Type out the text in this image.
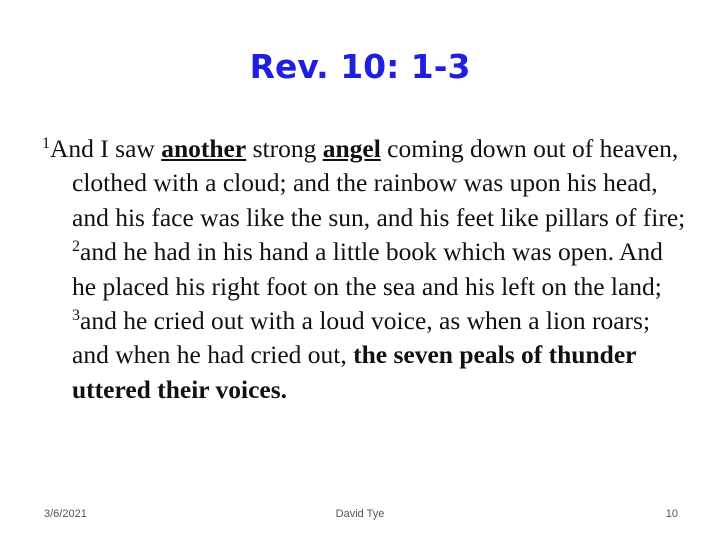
Rev. 10: 1-3

$^1$And I saw another strong angel coming down out of heaven, clothed with a cloud; and the rainbow was upon his head, and his face was like the sun, and his feet like pillars of fire; $^2$and he had in his hand a little book which was open. And he placed his right foot on the sea and his left on the land; $^3$and he cried out with a loud voice, as when a lion roars; and when he had cried out, the seven peals of thunder uttered their voices.

3/6/2021	David Tye	10
